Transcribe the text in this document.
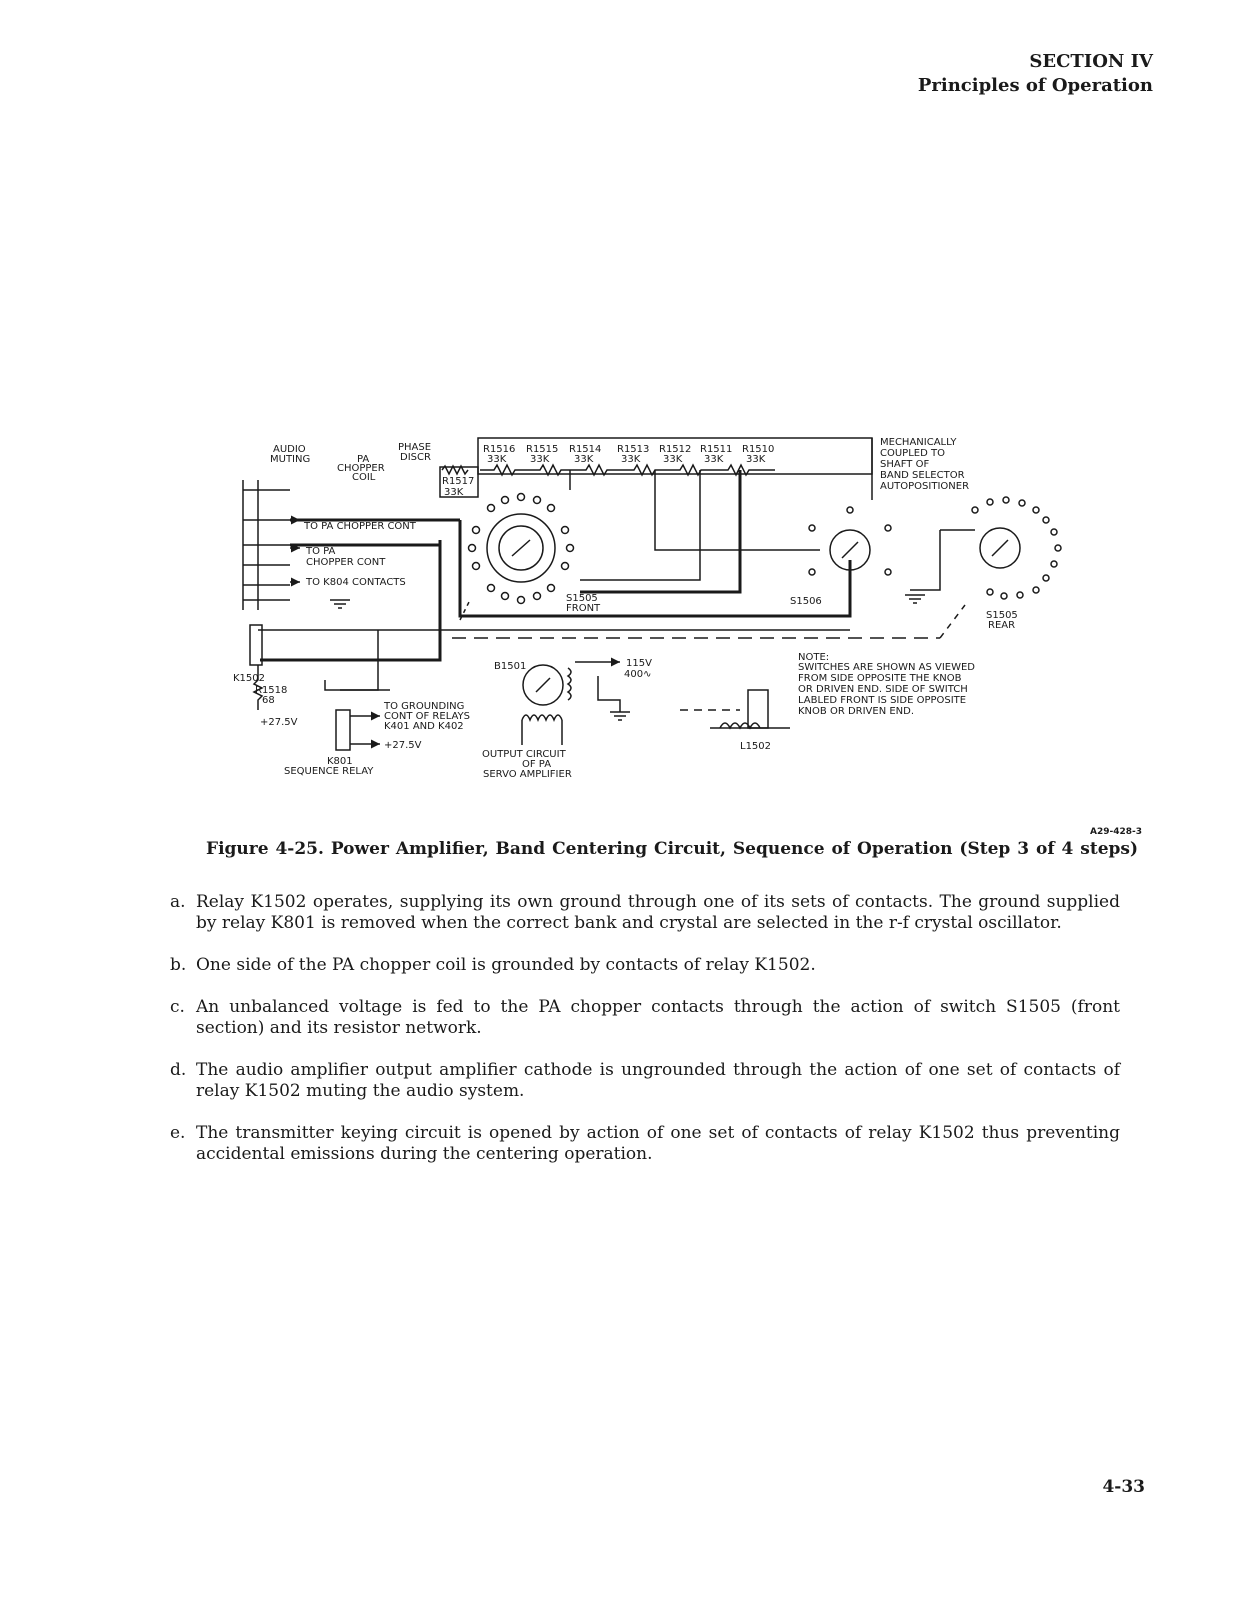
SECTION IV
Principles of Operation
AUDIO
MUTING	PA
CHOPPER
COIL
PHASE
DISCR
R1517
33K
R1516
33K
R1515
33K
R1514
33K
R1513
33K
R1512
33K
R1511
33K
R1510
33K
TO PA CHOPPER CONT
TO PA
CHOPPER CONT
TO K804 CONTACTS
S1505
FRONT
S1506
MECHANICALLY
COUPLED TO
SHAFT OF
BAND SELECTOR
AUTOPOSITIONER
S1505
REAR
K1502
R1518
68
+27.5V
TO GROUNDING
CONT OF RELAYS
K401 AND K402
+27.5V
K801
SEQUENCE RELAY
B1501	115V
400∿
OUTPUT CIRCUIT
OF PA
SERVO AMPLIFIER
L1502
NOTE:
SWITCHES ARE SHOWN AS VIEWED
FROM SIDE OPPOSITE THE KNOB
OR DRIVEN END. SIDE OF SWITCH
LABLED FRONT IS SIDE OPPOSITE
KNOB OR DRIVEN END.
A29-428-3
Figure 4-25. Power Amplifier, Band Centering Circuit, Sequence of Operation (Step 3 of 4 steps)
a. Relay K1502 operates, supplying its own ground through one of its sets of contacts. The ground supplied by relay K801 is removed when the correct bank and crystal are selected in the r-f crystal oscillator.
b. One side of the PA chopper coil is grounded by contacts of relay K1502.
c. An unbalanced voltage is fed to the PA chopper contacts through the action of switch S1505 (front section) and its resistor network.
d. The audio amplifier output amplifier cathode is ungrounded through the action of one set of contacts of relay K1502 muting the audio system.
e. The transmitter keying circuit is opened by action of one set of contacts of relay K1502 thus preventing accidental emissions during the centering operation.
4-33
